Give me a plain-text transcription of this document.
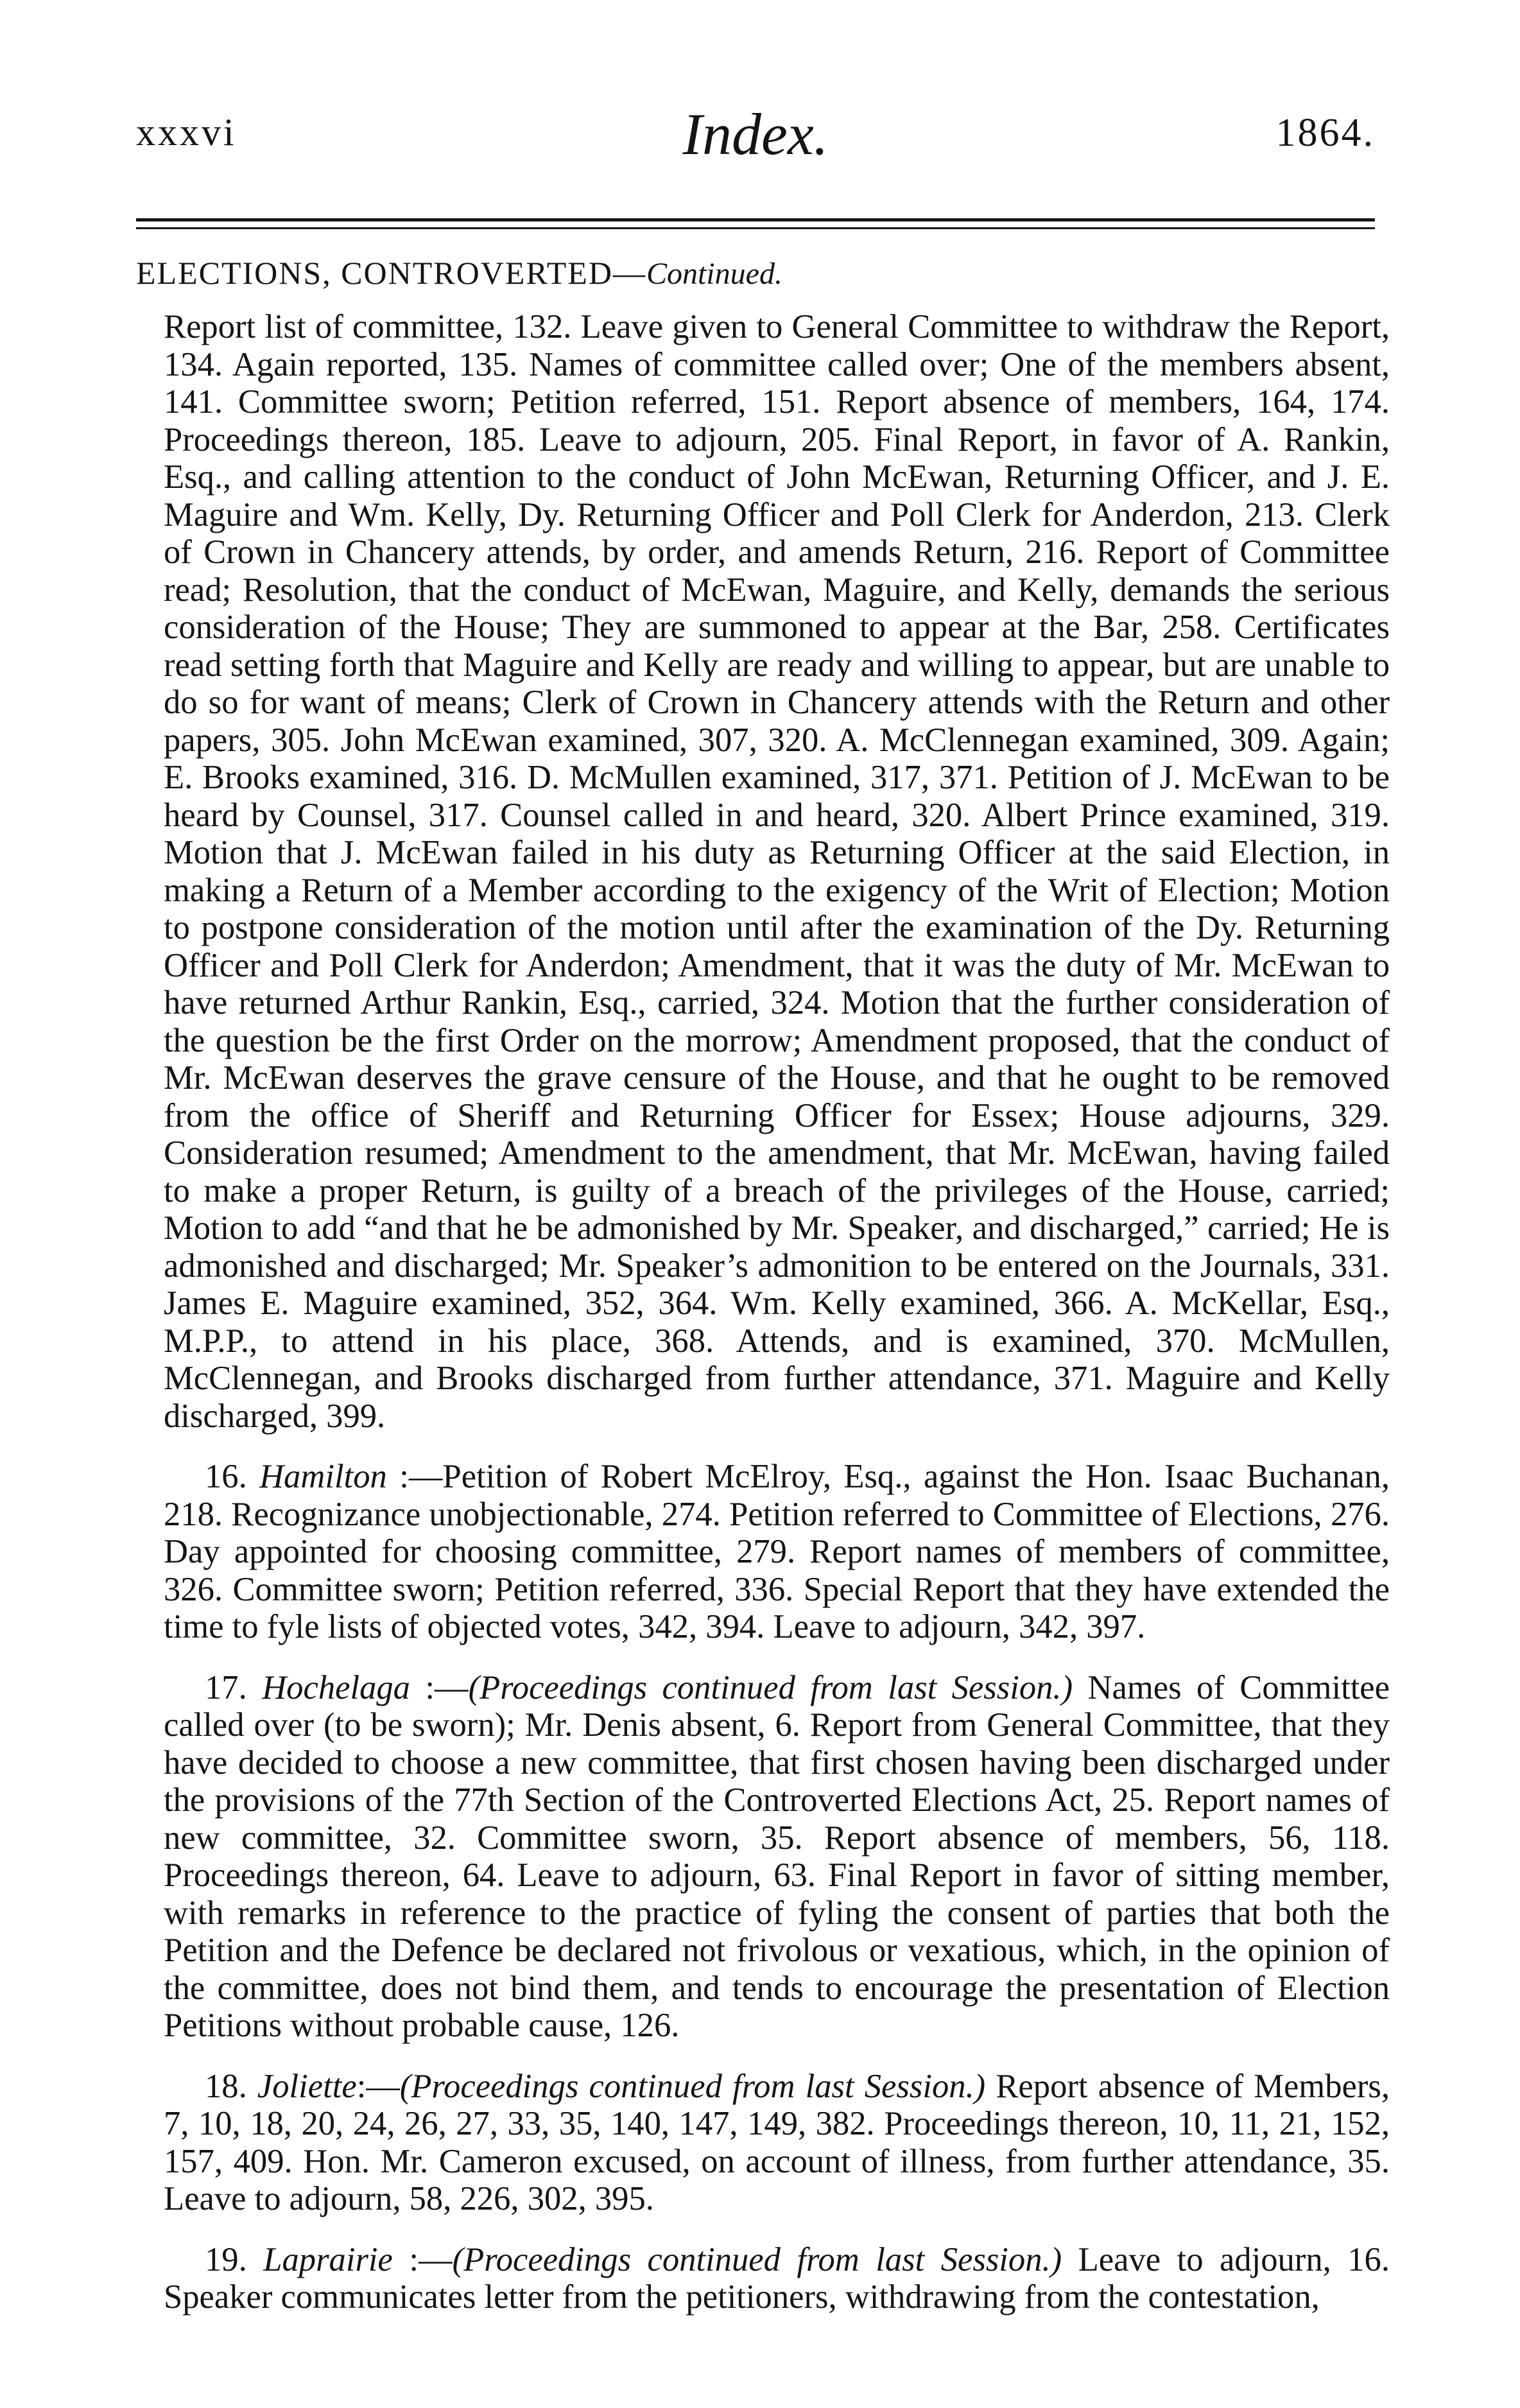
xxxvi	Index.	1864.
ELECTIONS, CONTROVERTED—Continued.

Report list of committee, 132. Leave given to General Committee to withdraw the Report, 134. Again reported, 135. Names of committee called over; One of the members absent, 141. Committee sworn; Petition referred, 151. Report absence of members, 164, 174. Proceedings thereon, 185. Leave to adjourn, 205. Final Report, in favor of A. Rankin, Esq., and calling attention to the conduct of John McEwan, Returning Officer, and J. E. Maguire and Wm. Kelly, Dy. Returning Officer and Poll Clerk for Anderdon, 213. Clerk of Crown in Chancery attends, by order, and amends Return, 216. Report of Committee read; Resolution, that the conduct of McEwan, Maguire, and Kelly, demands the serious consideration of the House; They are summoned to appear at the Bar, 258. Certificates read setting forth that Maguire and Kelly are ready and willing to appear, but are unable to do so for want of means; Clerk of Crown in Chancery attends with the Return and other papers, 305. John McEwan examined, 307, 320. A. McClennegan examined, 309. Again; E. Brooks examined, 316. D. McMullen examined, 317, 371. Petition of J. McEwan to be heard by Counsel, 317. Counsel called in and heard, 320. Albert Prince examined, 319. Motion that J. McEwan failed in his duty as Returning Officer at the said Election, in making a Return of a Member according to the exigency of the Writ of Election; Motion to postpone consideration of the motion until after the examination of the Dy. Returning Officer and Poll Clerk for Anderdon; Amendment, that it was the duty of Mr. McEwan to have returned Arthur Rankin, Esq., carried, 324. Motion that the further consideration of the question be the first Order on the morrow; Amendment proposed, that the conduct of Mr. McEwan deserves the grave censure of the House, and that he ought to be removed from the office of Sheriff and Returning Officer for Essex; House adjourns, 329. Consideration resumed; Amendment to the amendment, that Mr. McEwan, having failed to make a proper Return, is guilty of a breach of the privileges of the House, carried; Motion to add “and that he be admonished by Mr. Speaker, and discharged,” carried; He is admonished and discharged; Mr. Speaker’s admonition to be entered on the Journals, 331. James E. Maguire examined, 352, 364. Wm. Kelly examined, 366. A. McKellar, Esq., M.P.P., to attend in his place, 368. Attends, and is examined, 370. McMullen, McClennegan, and Brooks discharged from further attendance, 371. Maguire and Kelly discharged, 399.

16. Hamilton :—Petition of Robert McElroy, Esq., against the Hon. Isaac Buchanan, 218. Recognizance unobjectionable, 274. Petition referred to Committee of Elections, 276. Day appointed for choosing committee, 279. Report names of members of committee, 326. Committee sworn; Petition referred, 336. Special Report that they have extended the time to fyle lists of objected votes, 342, 394. Leave to adjourn, 342, 397.

17. Hochelaga :—(Proceedings continued from last Session.) Names of Committee called over (to be sworn); Mr. Denis absent, 6. Report from General Committee, that they have decided to choose a new committee, that first chosen having been discharged under the provisions of the 77th Section of the Controverted Elections Act, 25. Report names of new committee, 32. Committee sworn, 35. Report absence of members, 56, 118. Proceedings thereon, 64. Leave to adjourn, 63. Final Report in favor of sitting member, with remarks in reference to the practice of fyling the consent of parties that both the Petition and the Defence be declared not frivolous or vexatious, which, in the opinion of the committee, does not bind them, and tends to encourage the presentation of Election Petitions without probable cause, 126.

18. Joliette:—(Proceedings continued from last Session.) Report absence of Members, 7, 10, 18, 20, 24, 26, 27, 33, 35, 140, 147, 149, 382. Proceedings thereon, 10, 11, 21, 152, 157, 409. Hon. Mr. Cameron excused, on account of illness, from further attendance, 35. Leave to adjourn, 58, 226, 302, 395.

19. Laprairie :—(Proceedings continued from last Session.) Leave to adjourn, 16. Speaker communicates letter from the petitioners, withdrawing from the contestation,
